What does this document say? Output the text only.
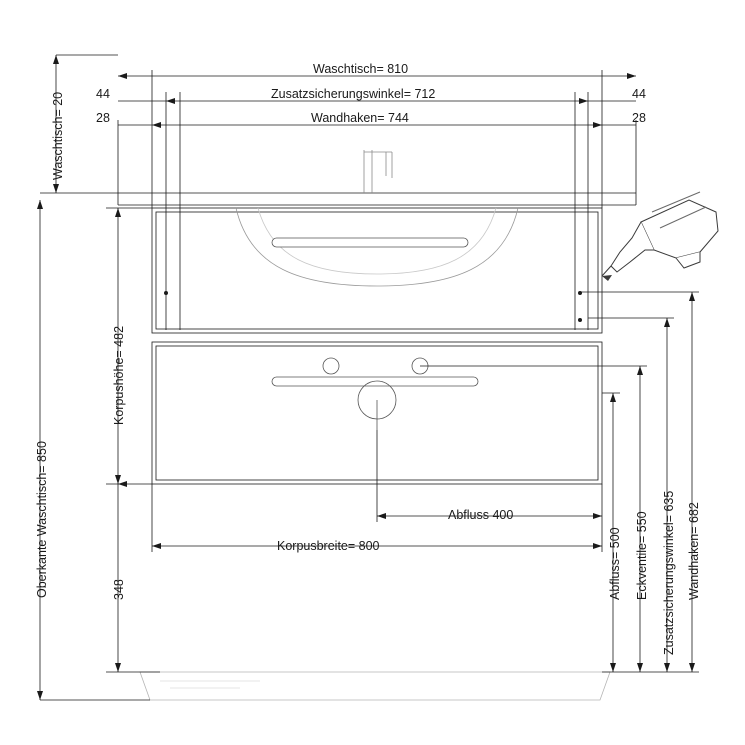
Waschtisch= 810
Zusatzsicherungswinkel= 712
Wandhaken= 744
44	44
28	28
Waschtisch= 20
Oberkante Waschtisch= 850
Korpushöhe= 482
348
Korpusbreite= 800
Abfluss 400
Abfluss= 500 Eckventile= 550 Zusatzsicherungswinkel= 635 Wandhaken= 682
